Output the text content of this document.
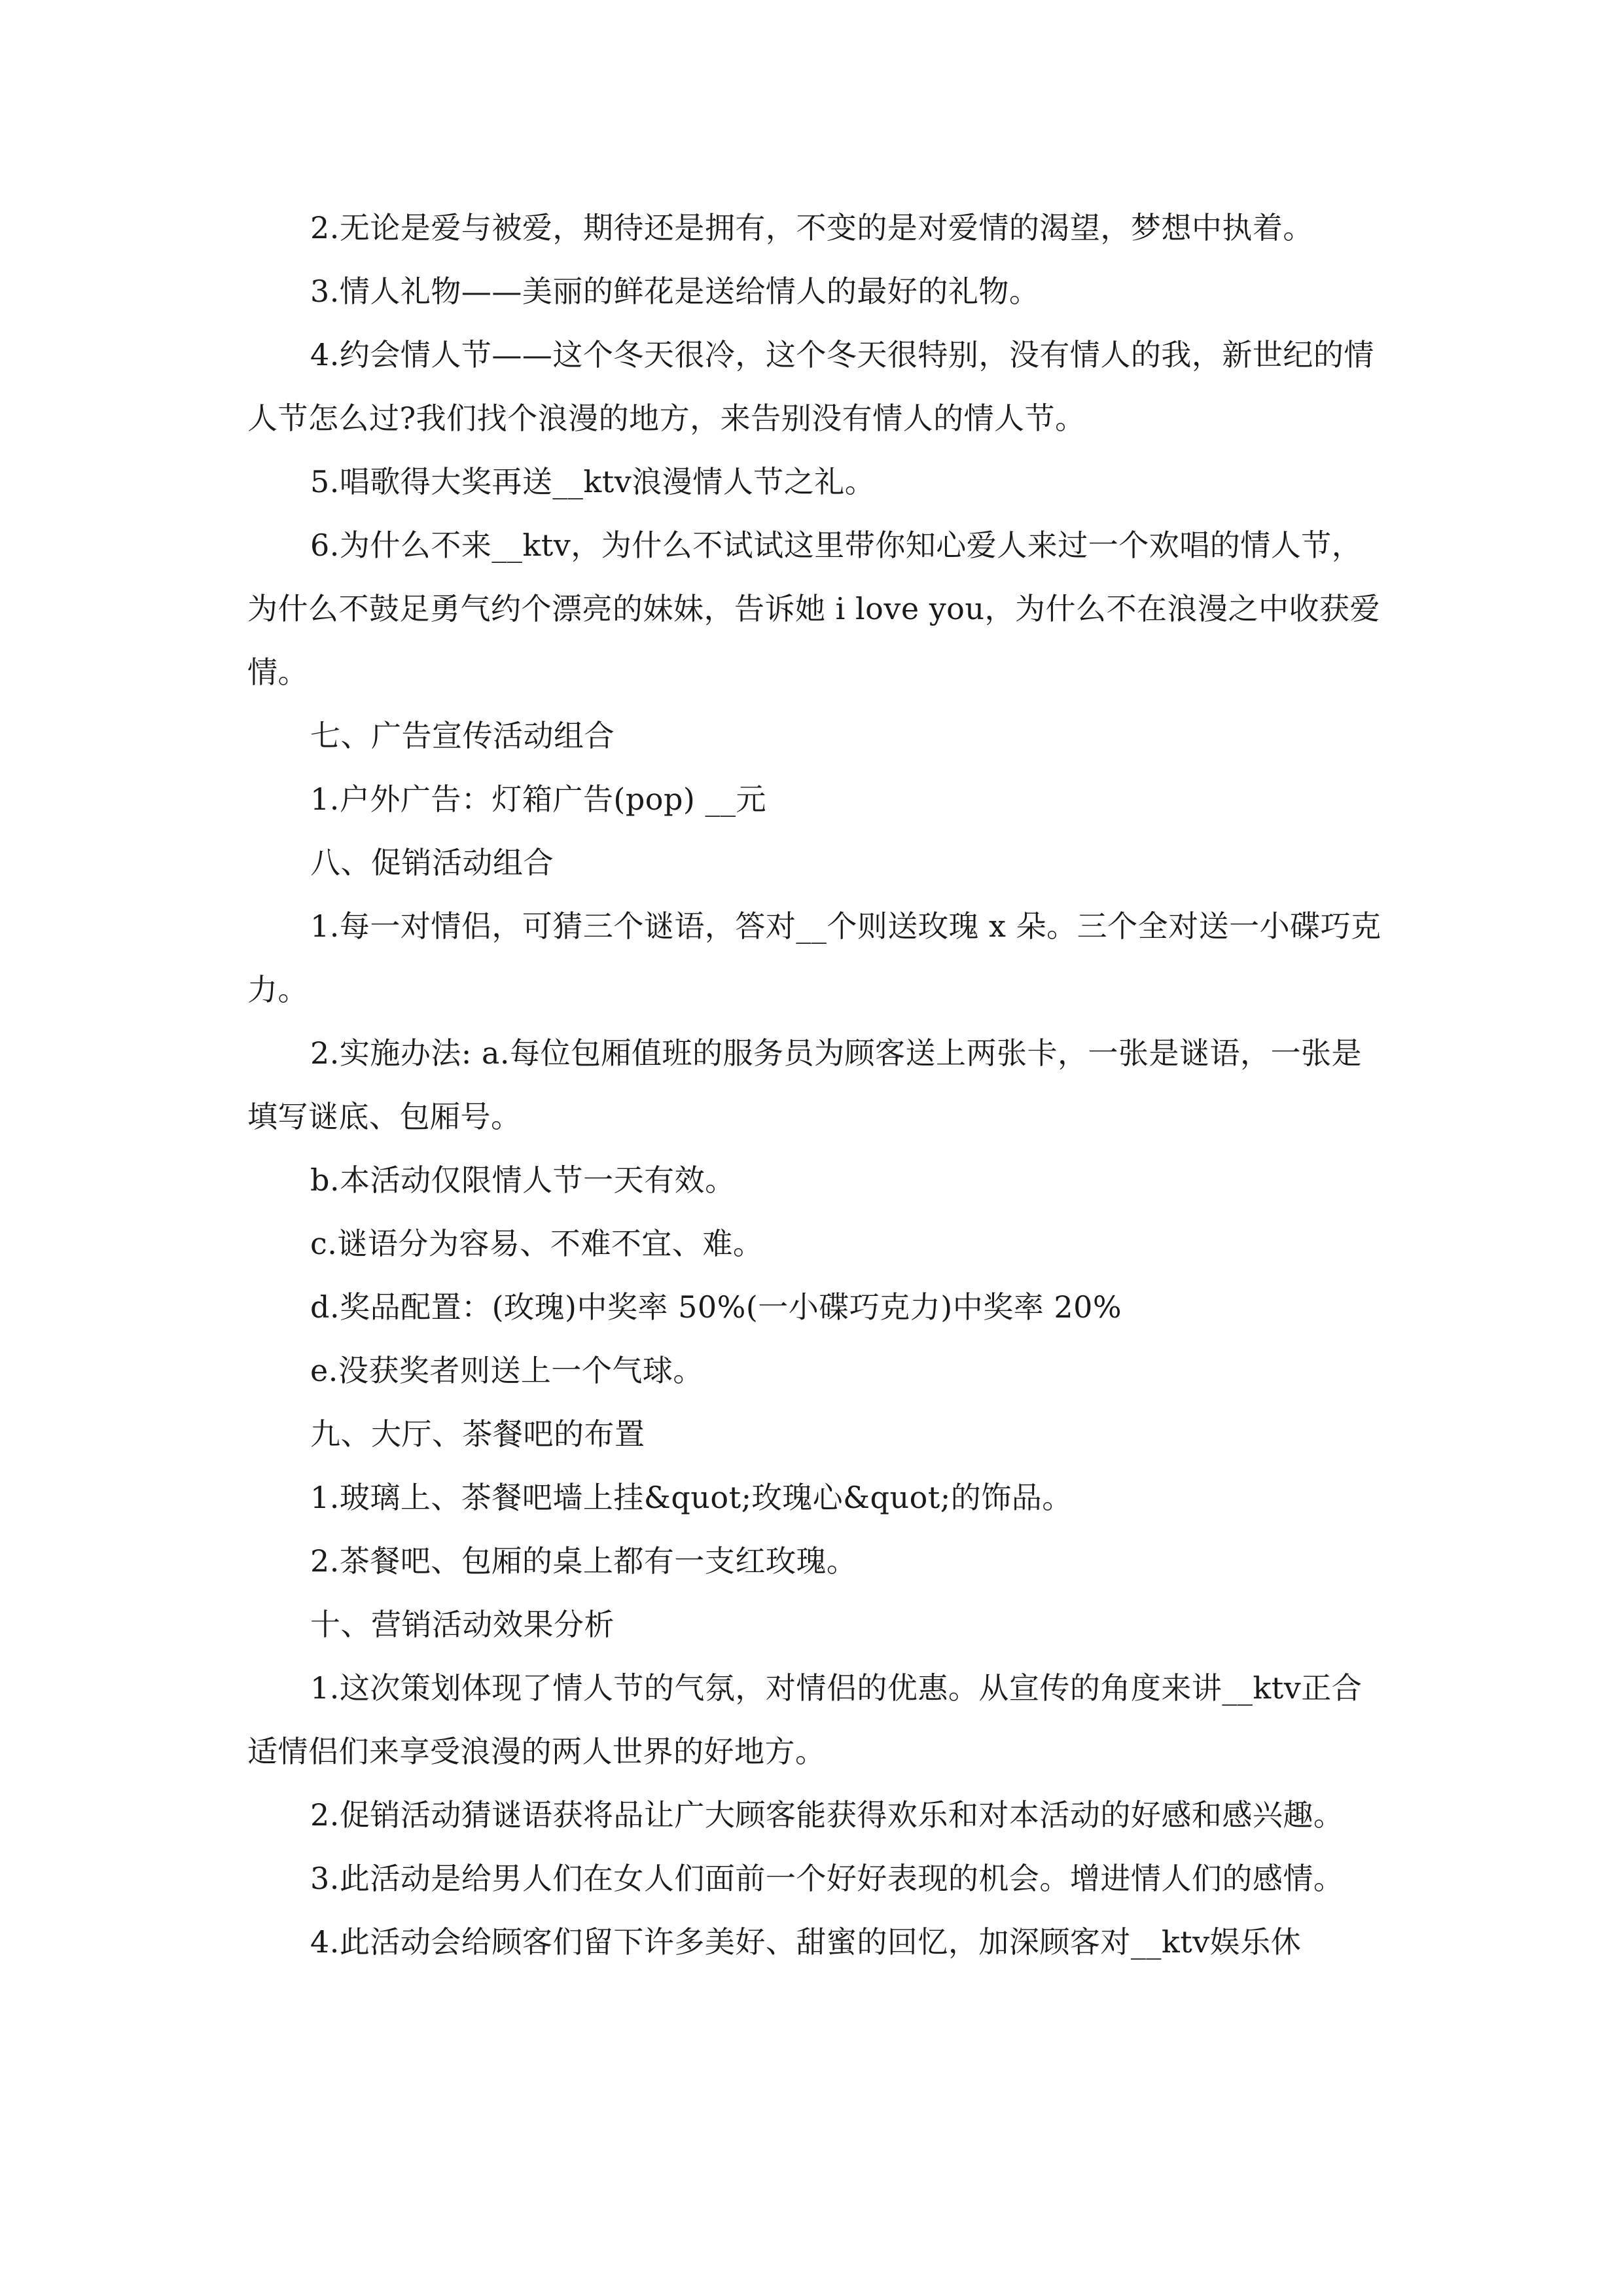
2.无论是爱与被爱，期待还是拥有，不变的是对爱情的渴望，梦想中执着。

3.情人礼物——美丽的鲜花是送给情人的最好的礼物。

4.约会情人节——这个冬天很冷，这个冬天很特别，没有情人的我，新世纪的情人节怎么过?我们找个浪漫的地方，来告别没有情人的情人节。

5.唱歌得大奖再送__ktv浪漫情人节之礼。

6.为什么不来__ktv，为什么不试试这里带你知心爱人来过一个欢唱的情人节，为什么不鼓足勇气约个漂亮的妹妹，告诉她 i love you，为什么不在浪漫之中收获爱情。

七、广告宣传活动组合

1.户外广告：灯箱广告(pop) __元

八、促销活动组合

1.每一对情侣，可猜三个谜语，答对__个则送玫瑰 x 朵。三个全对送一小碟巧克力。

2.实施办法: a.每位包厢值班的服务员为顾客送上两张卡，一张是谜语，一张是填写谜底、包厢号。

b.本活动仅限情人节一天有效。

c.谜语分为容易、不难不宜、难。

d.奖品配置：(玫瑰)中奖率 50%(一小碟巧克力)中奖率 20%

e.没获奖者则送上一个气球。

九、大厅、茶餐吧的布置

1.玻璃上、茶餐吧墙上挂&quot;玫瑰心&quot;的饰品。

2.茶餐吧、包厢的桌上都有一支红玫瑰。

十、营销活动效果分析

1.这次策划体现了情人节的气氛，对情侣的优惠。从宣传的角度来讲__ktv正合适情侣们来享受浪漫的两人世界的好地方。

2.促销活动猜谜语获将品让广大顾客能获得欢乐和对本活动的好感和感兴趣。

3.此活动是给男人们在女人们面前一个好好表现的机会。增进情人们的感情。

4.此活动会给顾客们留下许多美好、甜蜜的回忆，加深顾客对__ktv娱乐休
